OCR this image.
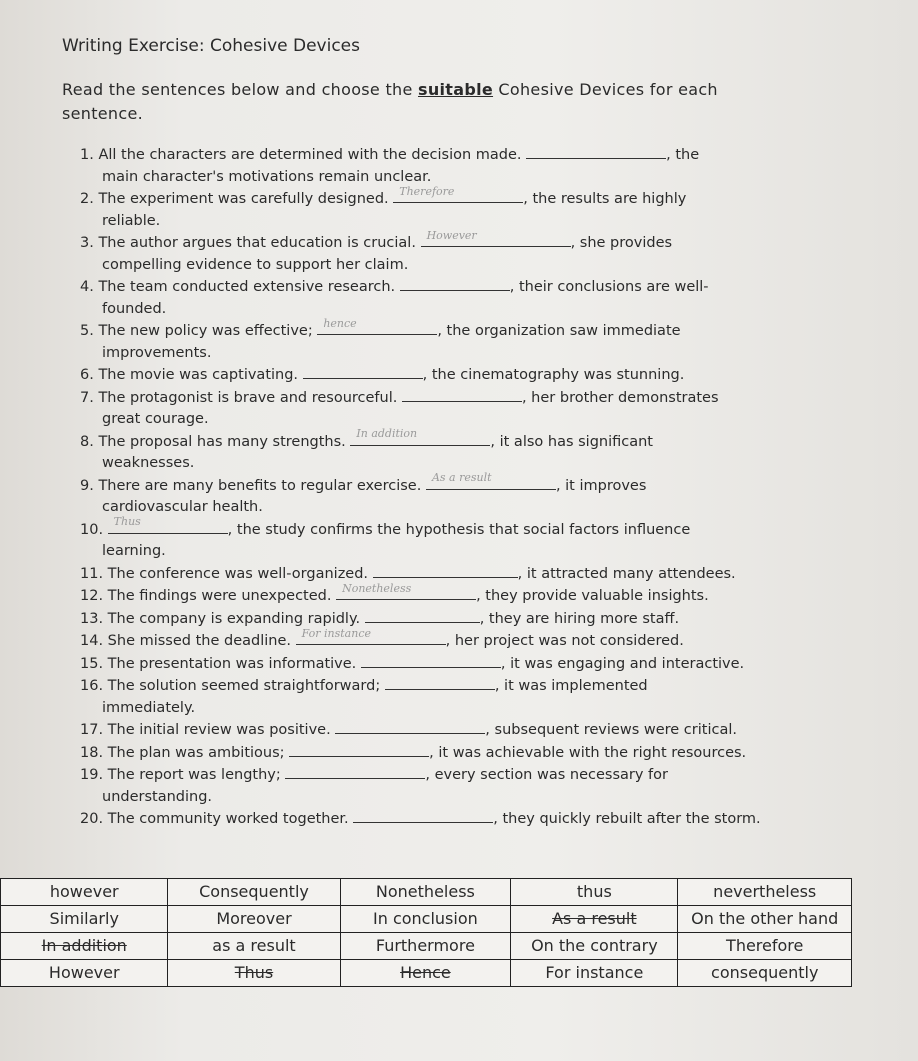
Writing Exercise: Cohesive Devices
Read the sentences below and choose the suitable Cohesive Devices for each sentence.
1. All the characters are determined with the decision made.	, the
main character's motivations remain unclear.
2. The experiment was carefully designed. Therefore	, the results are highly
reliable.
3. The author argues that education is crucial. However	, she provides
compelling evidence to support her claim.
4. The team conducted extensive research.	, their conclusions are well-
founded.
5. The new policy was effective; hence	, the organization saw immediate
improvements.
6. The movie was captivating.	, the cinematography was stunning.
7. The protagonist is brave and resourceful.	, her brother demonstrates
great courage.
8. The proposal has many strengths. In addition	, it also has significant
weaknesses.
9. There are many benefits to regular exercise. As a result	, it improves
cardiovascular health.
10. Thus	, the study confirms the hypothesis that social factors influence
learning.
11. The conference was well-organized.	, it attracted many attendees.
12. The findings were unexpected. Nonetheless	, they provide valuable insights.
13. The company is expanding rapidly.	, they are hiring more staff.
14. She missed the deadline. For instance	, her project was not considered.
15. The presentation was informative.	, it was engaging and interactive.
16. The solution seemed straightforward;	, it was implemented
immediately.
17. The initial review was positive.	, subsequent reviews were critical.
18. The plan was ambitious;	, it was achievable with the right resources.
19. The report was lengthy;	, every section was necessary for
understanding.
20. The community worked together.	, they quickly rebuilt after the storm.
however	Consequently	Nonetheless	thus	nevertheless
Similarly	Moreover	In conclusion	As a result	On the other hand
In addition	as a result	Furthermore	On the contrary	Therefore
However	Thus	Hence	For instance	consequently
